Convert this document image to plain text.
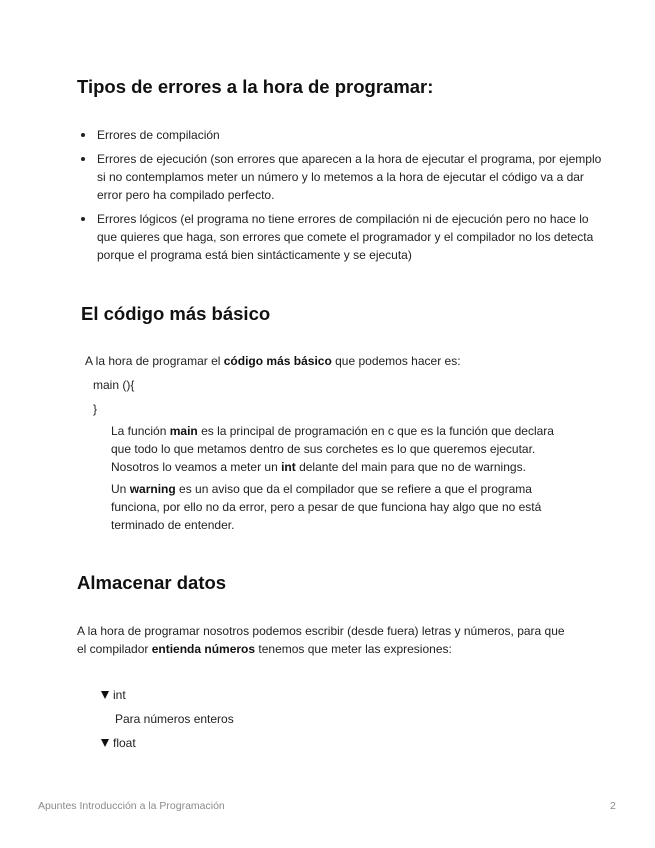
Tipos de errores a la hora de programar:
Errores de compilación
Errores de ejecución (son errores que aparecen a la hora de ejecutar el programa, por ejemplo si no contemplamos meter un número y lo metemos a la hora de ejecutar el código va a dar error pero ha compilado perfecto.
Errores lógicos (el programa no tiene errores de compilación ni de ejecución pero no hace lo que quieres que haga, son errores que comete el programador y el compilador no los detecta porque el programa está bien sintácticamente y se ejecuta)
El código más básico

A la hora de programar el código más básico que podemos hacer es:

main (){

}

La función main es la principal de programación en c que es la función que declara que todo lo que metamos dentro de sus corchetes es lo que queremos ejecutar. Nosotros lo veamos a meter un int delante del main para que no de warnings.

Un warning es un aviso que da el compilador que se refiere a que el programa funciona, por ello no da error, pero a pesar de que funciona hay algo que no está terminado de entender.

Almacenar datos

A la hora de programar nosotros podemos escribir (desde fuera) letras y números, para que el compilador entienda números tenemos que meter las expresiones:

int
Para números enteros
float
Apuntes Introducción a la Programación	2
